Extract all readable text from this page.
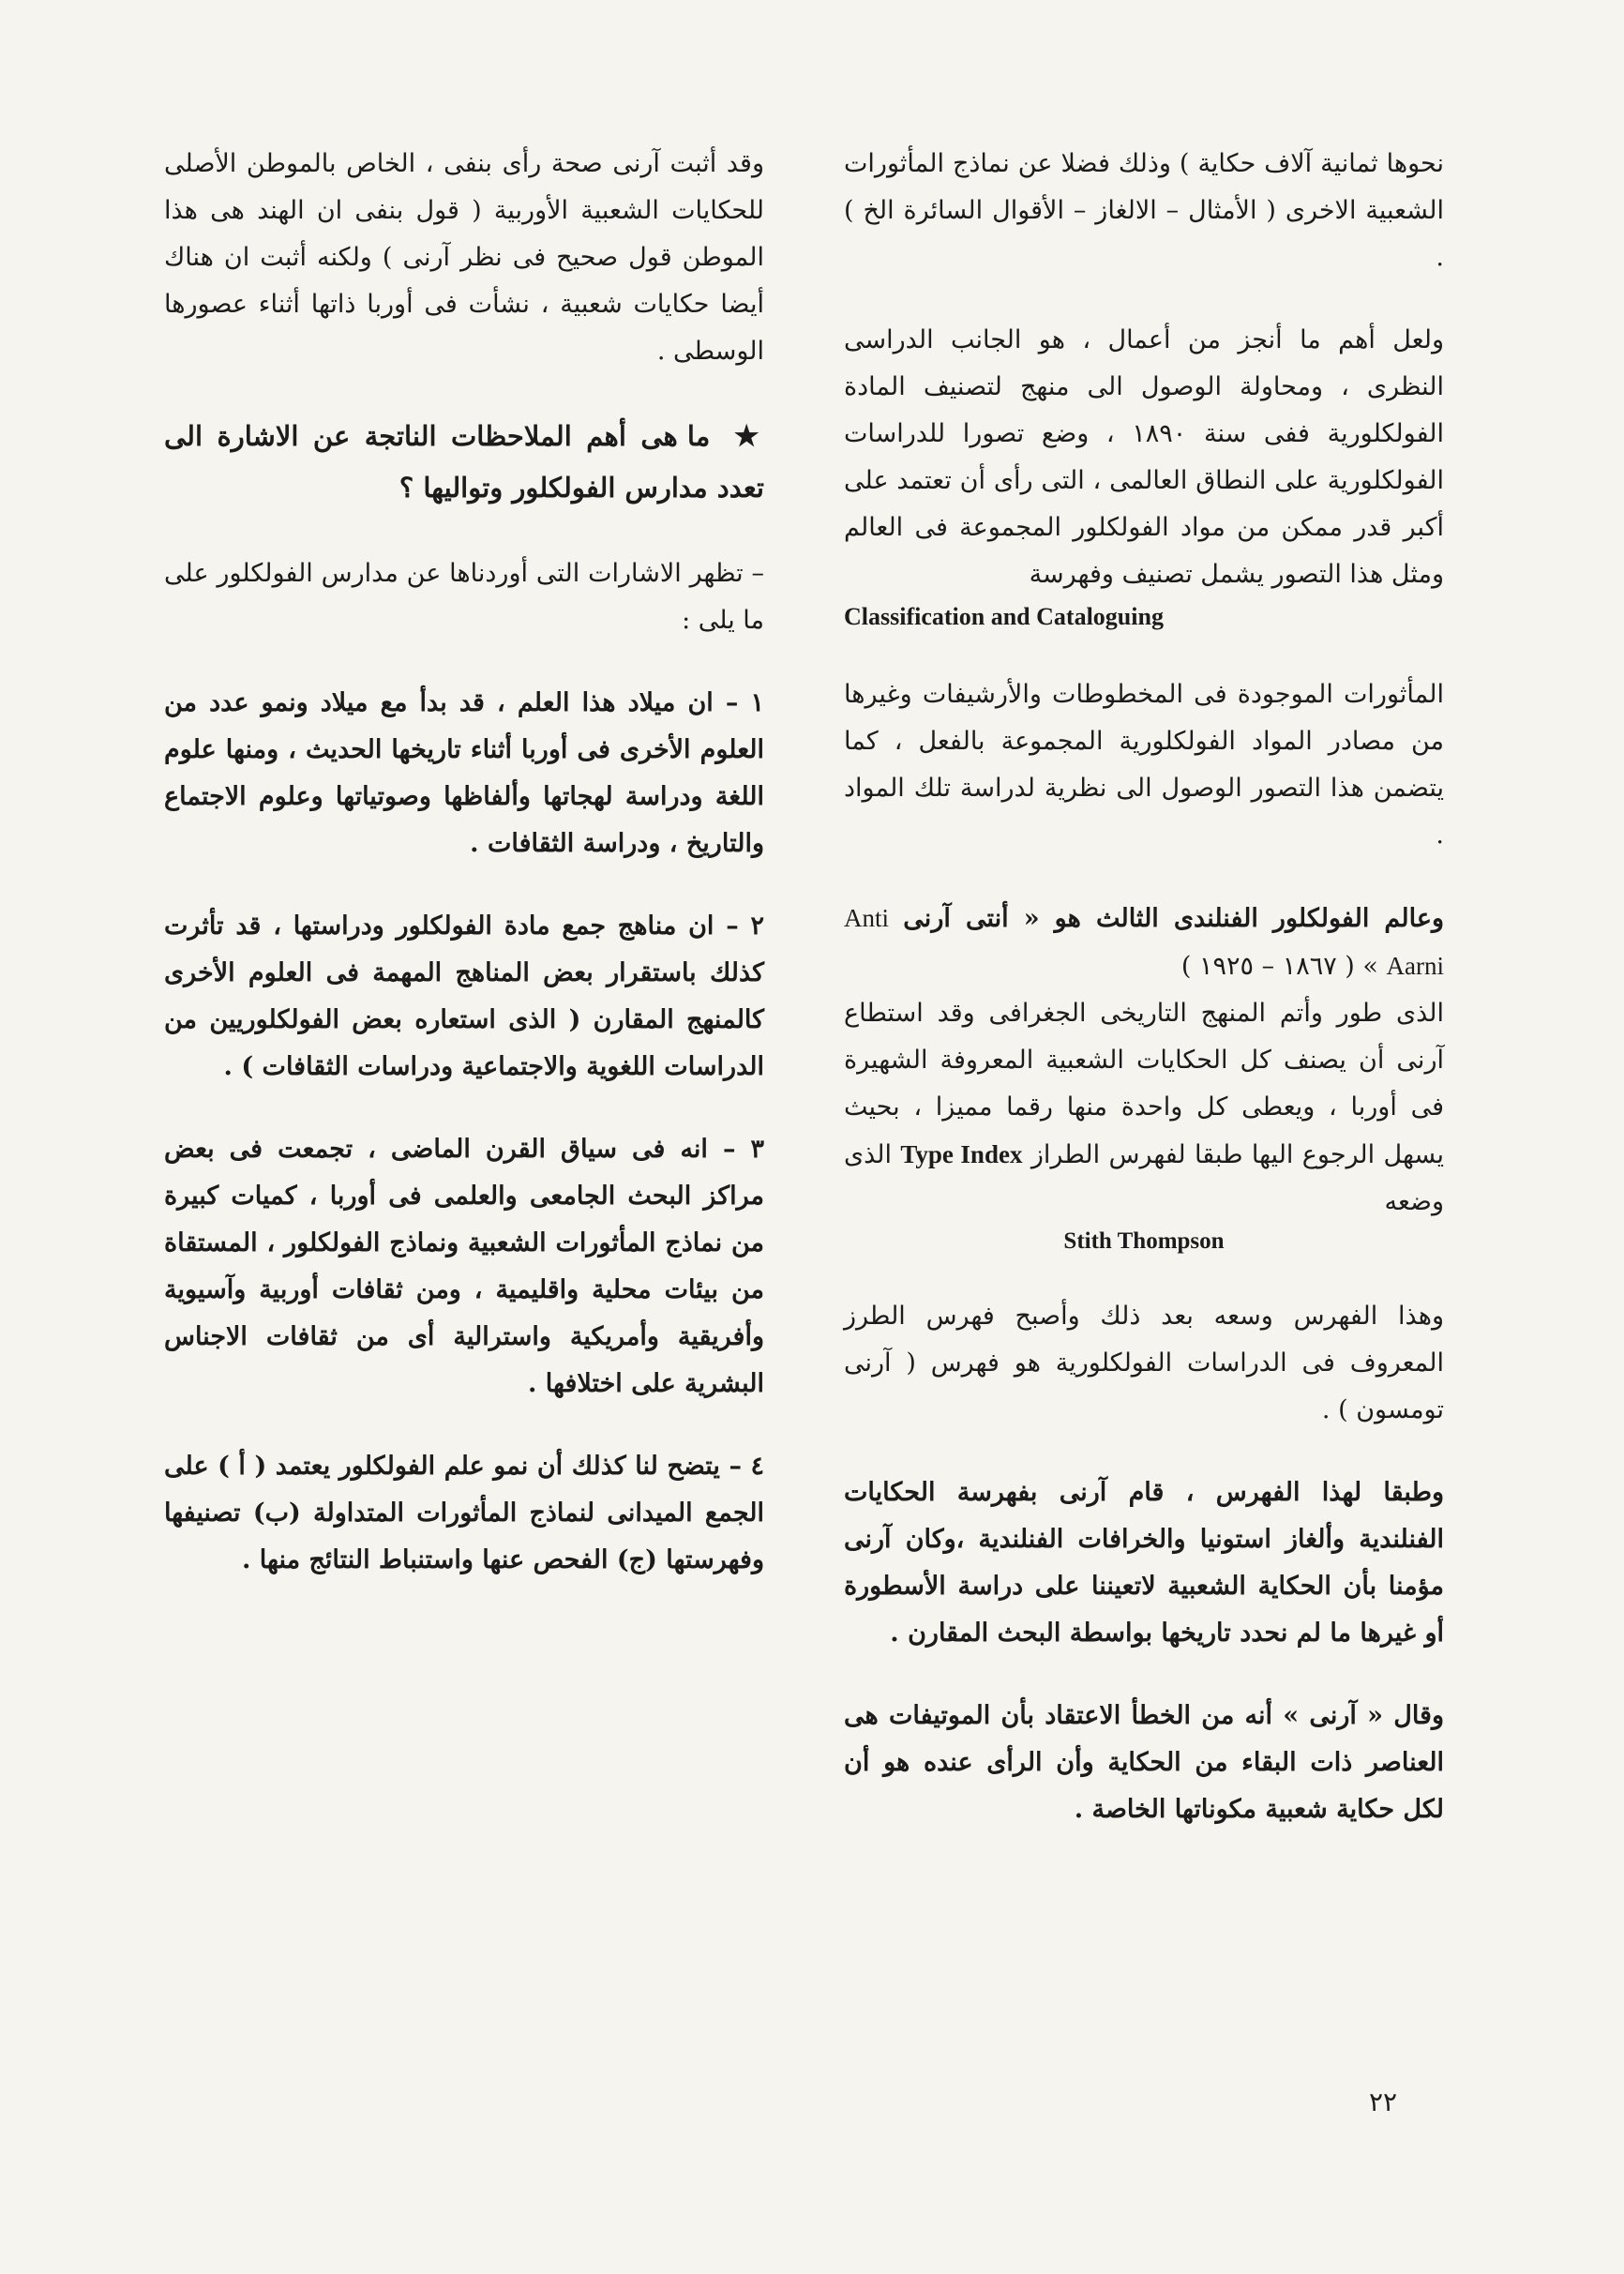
نحوها ثمانية آلاف حكاية ) وذلك فضلا عن نماذج المأثورات الشعبية الاخرى ( الأمثال – الالغاز – الأقوال السائرة الخ ) .

ولعل أهم ما أنجز من أعمال ، هو الجانب الدراسى النظرى ، ومحاولة الوصول الى منهج لتصنيف المادة الفولكلورية ففى سنة ١٨٩٠ ، وضع تصورا للدراسات الفولكلورية على النطاق العالمى ، التى رأى أن تعتمد على أكبر قدر ممكن من مواد الفولكلور المجموعة فى العالم ومثل هذا التصور يشمل تصنيف وفهرسة

Classification and Cataloguing

المأثورات الموجودة فى المخطوطات والأرشيفات وغيرها من مصادر المواد الفولكلورية المجموعة بالفعل ، كما يتضمن هذا التصور الوصول الى نظرية لدراسة تلك المواد .

وعالم الفولكلور الفنلندى الثالث هو « أنتى آرنى Anti Aarni » ( ١٨٦٧ – ١٩٢٥ )
الذى طور وأتم المنهج التاريخى الجغرافى وقد استطاع آرنى أن يصنف كل الحكايات الشعبية المعروفة الشهيرة فى أوربا ، ويعطى كل واحدة منها رقما مميزا ، بحيث يسهل الرجوع اليها طبقا لفهرس الطراز Type Index الذى وضعه

Stith Thompson

وهذا الفهرس وسعه بعد ذلك وأصبح فهرس الطرز المعروف فى الدراسات الفولكلورية هو فهرس ( آرنى تومسون ) .

وطبقا لهذا الفهرس ، قام آرنى بفهرسة الحكايات الفنلندية وألغاز استونيا والخرافات الفنلندية ،وكان آرنى مؤمنا بأن الحكاية الشعبية لاتعيننا على دراسة الأسطورة أو غيرها ما لم نحدد تاريخها بواسطة البحث المقارن .

وقال « آرنى » أنه من الخطأ الاعتقاد بأن الموتيفات هى العناصر ذات البقاء من الحكاية وأن الرأى عنده هو أن لكل حكاية شعبية مكوناتها الخاصة .

وقد أثبت آرنى صحة رأى بنفى ، الخاص بالموطن الأصلى للحكايات الشعبية الأوربية ( قول بنفى ان الهند هى هذا الموطن قول صحيح فى نظر آرنى ) ولكنه أثبت ان هناك أيضا حكايات شعبية ، نشأت فى أوربا ذاتها أثناء عصورها الوسطى .

★ ما هى أهم الملاحظات الناتجة عن الاشارة الى تعدد مدارس الفولكلور وتواليها ؟

– تظهر الاشارات التى أوردناها عن مدارس الفولكلور على ما يلى :

١ – ان ميلاد هذا العلم ، قد بدأ مع ميلاد ونمو عدد من العلوم الأخرى فى أوربا أثناء تاريخها الحديث ، ومنها علوم اللغة ودراسة لهجاتها وألفاظها وصوتياتها وعلوم الاجتماع والتاريخ ، ودراسة الثقافات .

٢ – ان مناهج جمع مادة الفولكلور ودراستها ، قد تأثرت كذلك باستقرار بعض المناهج المهمة فى العلوم الأخرى كالمنهج المقارن ( الذى استعاره بعض الفولكلوريين من الدراسات اللغوية والاجتماعية ودراسات الثقافات ) .

٣ – انه فى سياق القرن الماضى ، تجمعت فى بعض مراكز البحث الجامعى والعلمى فى أوربا ، كميات كبيرة من نماذج المأثورات الشعبية ونماذج الفولكلور ، المستقاة من بيئات محلية واقليمية ، ومن ثقافات أوربية وآسيوية وأفريقية وأمريكية واسترالية أى من ثقافات الاجناس البشرية على اختلافها .

٤ – يتضح لنا كذلك أن نمو علم الفولكلور يعتمد ( أ ) على الجمع الميدانى لنماذج المأثورات المتداولة (ب) تصنيفها وفهرستها (ج) الفحص عنها واستنباط النتائج منها .

٢٢
